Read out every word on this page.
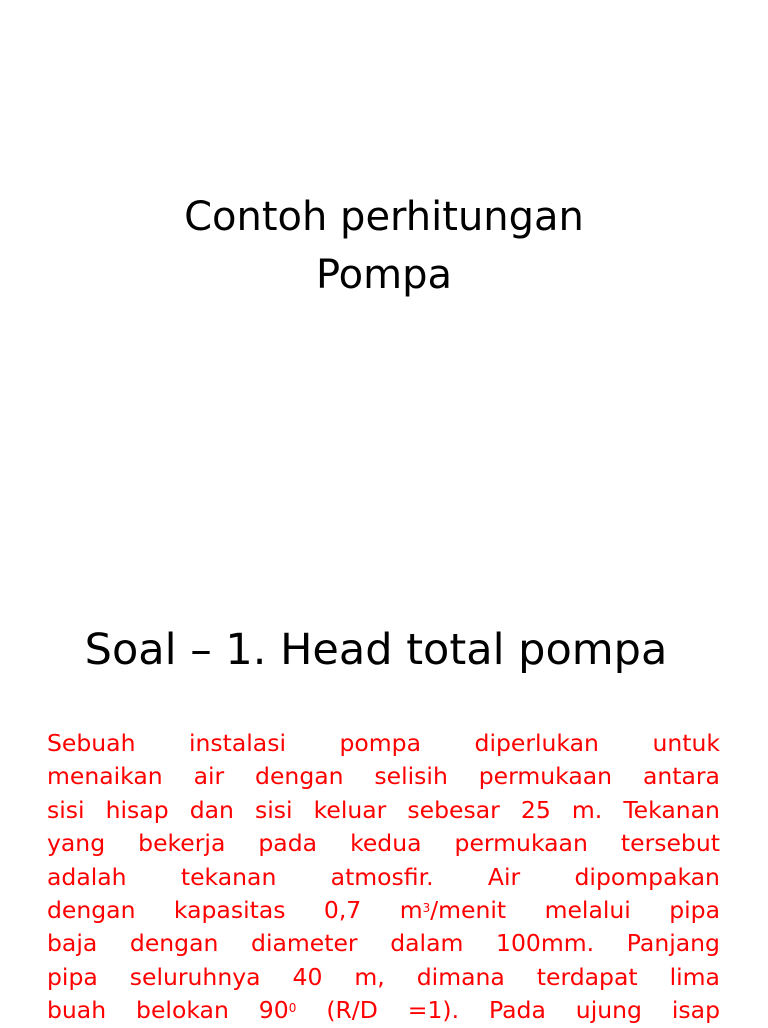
Contoh perhitungan
Pompa
Soal – 1. Head total pompa
Sebuah instalasi pompa diperlukan untuk
menaikan air dengan selisih permukaan antara
sisi hisap dan sisi keluar sebesar 25 m. Tekanan
yang bekerja pada kedua permukaan tersebut
adalah tekanan atmosfir. Air dipompakan
dengan kapasitas 0,7 $m^3$/menit melalui pipa
baja dengan diameter dalam 100mm. Panjang
pipa seluruhnya 40 m, dimana terdapat lima
buah belokan $90^0$ (R/D =1). Pada ujung isap
